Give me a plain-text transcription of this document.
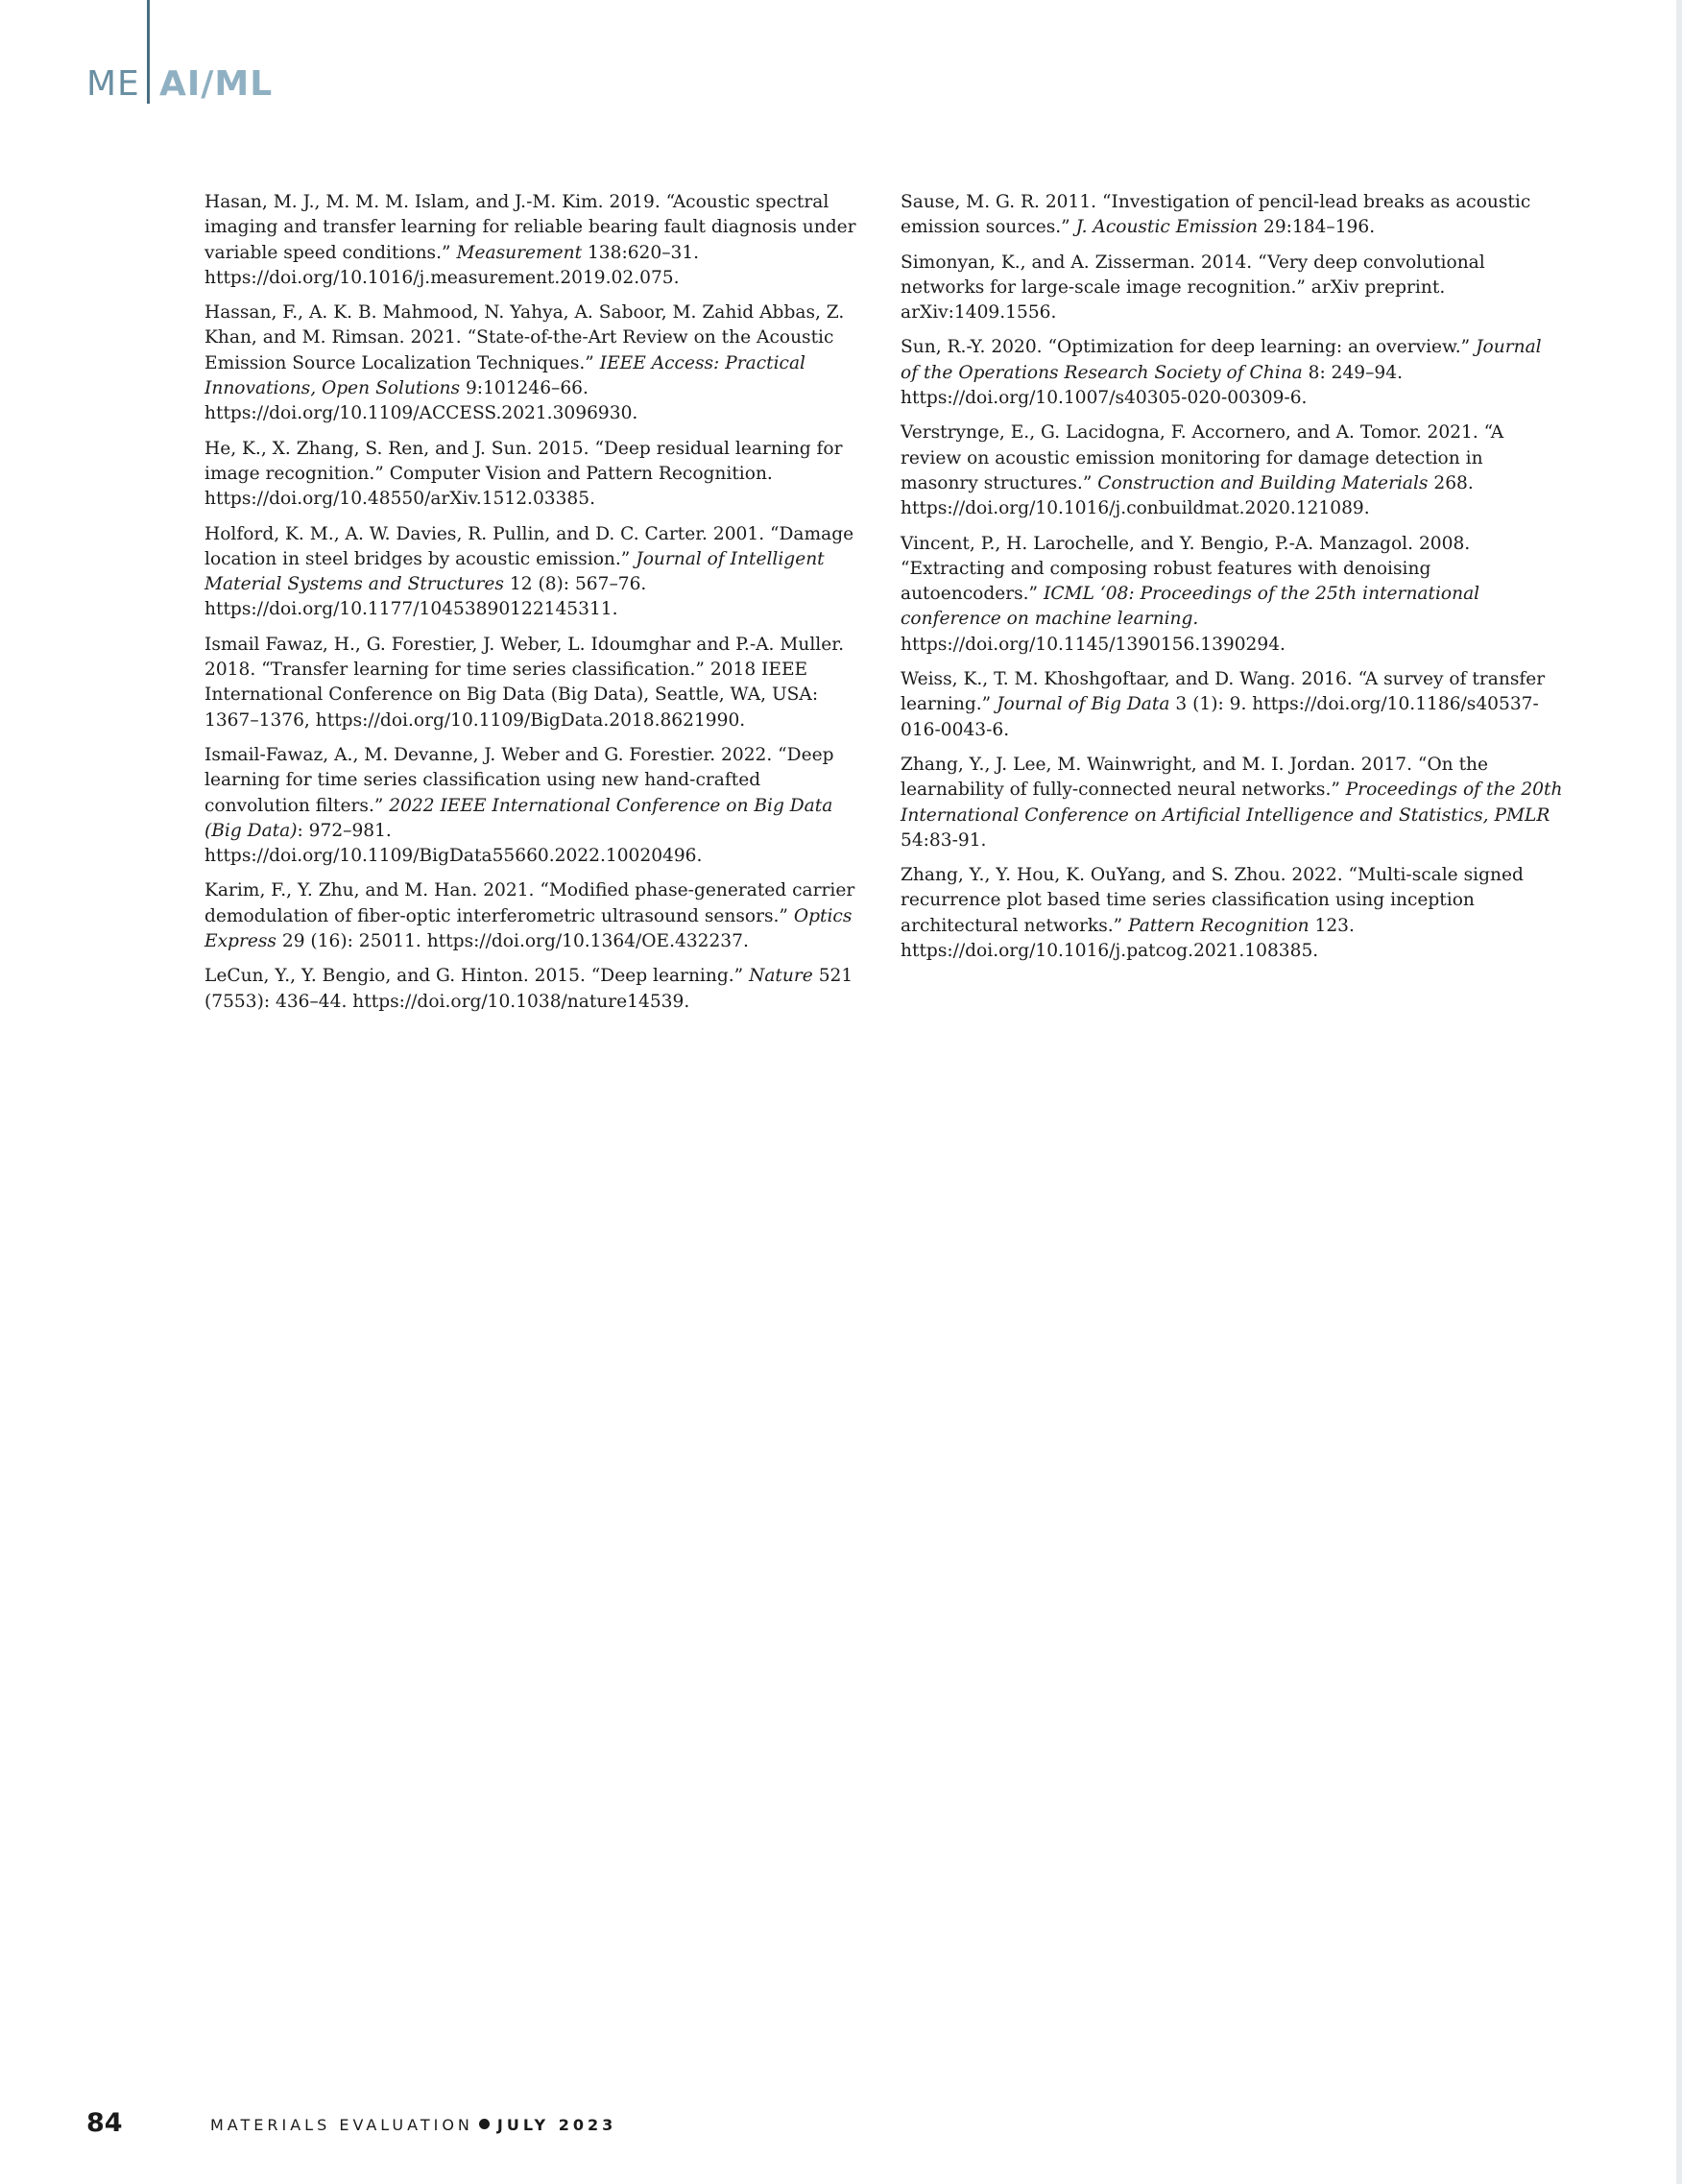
ME AI/ML

Hasan, M. J., M. M. M. Islam, and J.-M. Kim. 2019. “Acoustic spectral imaging and transfer learning for reliable bearing fault diagnosis under variable speed conditions.” Measurement 138:620–31. https://doi.org/10.1016/j.measurement.2019.02.075.

Hassan, F., A. K. B. Mahmood, N. Yahya, A. Saboor, M. Zahid Abbas, Z. Khan, and M. Rimsan. 2021. “State-of-the-Art Review on the Acoustic Emission Source Localization Techniques.” IEEE Access: Practical Innovations, Open Solutions 9:101246–66. https://doi.org/10.1109/ACCESS.2021.3096930.

He, K., X. Zhang, S. Ren, and J. Sun. 2015. “Deep residual learning for image recognition.” Computer Vision and Pattern Recognition. https://doi.org/10.48550/arXiv.1512.03385.

Holford, K. M., A. W. Davies, R. Pullin, and D. C. Carter. 2001. “Damage location in steel bridges by acoustic emission.” Journal of Intelligent Material Systems and Structures 12 (8): 567–76. https://doi.org/10.1177/10453890122145311.

Ismail Fawaz, H., G. Forestier, J. Weber, L. Idoumghar and P.-A. Muller. 2018. “Transfer learning for time series classification.” 2018 IEEE International Conference on Big Data (Big Data), Seattle, WA, USA: 1367–1376, https://doi.org/10.1109/BigData.2018.8621990.

Ismail-Fawaz, A., M. Devanne, J. Weber and G. Forestier. 2022. “Deep learning for time series classification using new hand-crafted convolution filters.” 2022 IEEE International Conference on Big Data (Big Data): 972–981. https://doi.org/10.1109/BigData55660.2022.10020496.

Karim, F., Y. Zhu, and M. Han. 2021. “Modified phase-generated carrier demodulation of fiber-optic interferometric ultrasound sensors.” Optics Express 29 (16): 25011. https://doi.org/10.1364/OE.432237.

LeCun, Y., Y. Bengio, and G. Hinton. 2015. “Deep learning.” Nature 521 (7553): 436–44. https://doi.org/10.1038/nature14539.

Sause, M. G. R. 2011. “Investigation of pencil-lead breaks as acoustic emission sources.” J. Acoustic Emission 29:184–196.

Simonyan, K., and A. Zisserman. 2014. “Very deep convolutional networks for large-scale image recognition.” arXiv preprint. arXiv:1409.1556.

Sun, R.-Y. 2020. “Optimization for deep learning: an overview.” Journal of the Operations Research Society of China 8: 249–94. https://doi.org/10.1007/s40305-020-00309-6.

Verstrynge, E., G. Lacidogna, F. Accornero, and A. Tomor. 2021. “A review on acoustic emission monitoring for damage detection in masonry structures.” Construction and Building Materials 268. https://doi.org/10.1016/j.conbuildmat.2020.121089.

Vincent, P., H. Larochelle, and Y. Bengio, P.-A. Manzagol. 2008. “Extracting and composing robust features with denoising autoencoders.” ICML ‘08: Proceedings of the 25th international conference on machine learning. https://doi.org/10.1145/1390156.1390294.

Weiss, K., T. M. Khoshgoftaar, and D. Wang. 2016. “A survey of transfer learning.” Journal of Big Data 3 (1): 9. https://doi.org/10.1186/s40537-016-0043-6.

Zhang, Y., J. Lee, M. Wainwright, and M. I. Jordan. 2017. “On the learnability of fully-connected neural networks.” Proceedings of the 20th International Conference on Artificial Intelligence and Statistics, PMLR 54:83-91.

Zhang, Y., Y. Hou, K. OuYang, and S. Zhou. 2022. “Multi-scale signed recurrence plot based time series classification using inception architectural networks.” Pattern Recognition 123. https://doi.org/10.1016/j.patcog.2021.108385.

84	MATERIALS EVALUATION JULY 2023
